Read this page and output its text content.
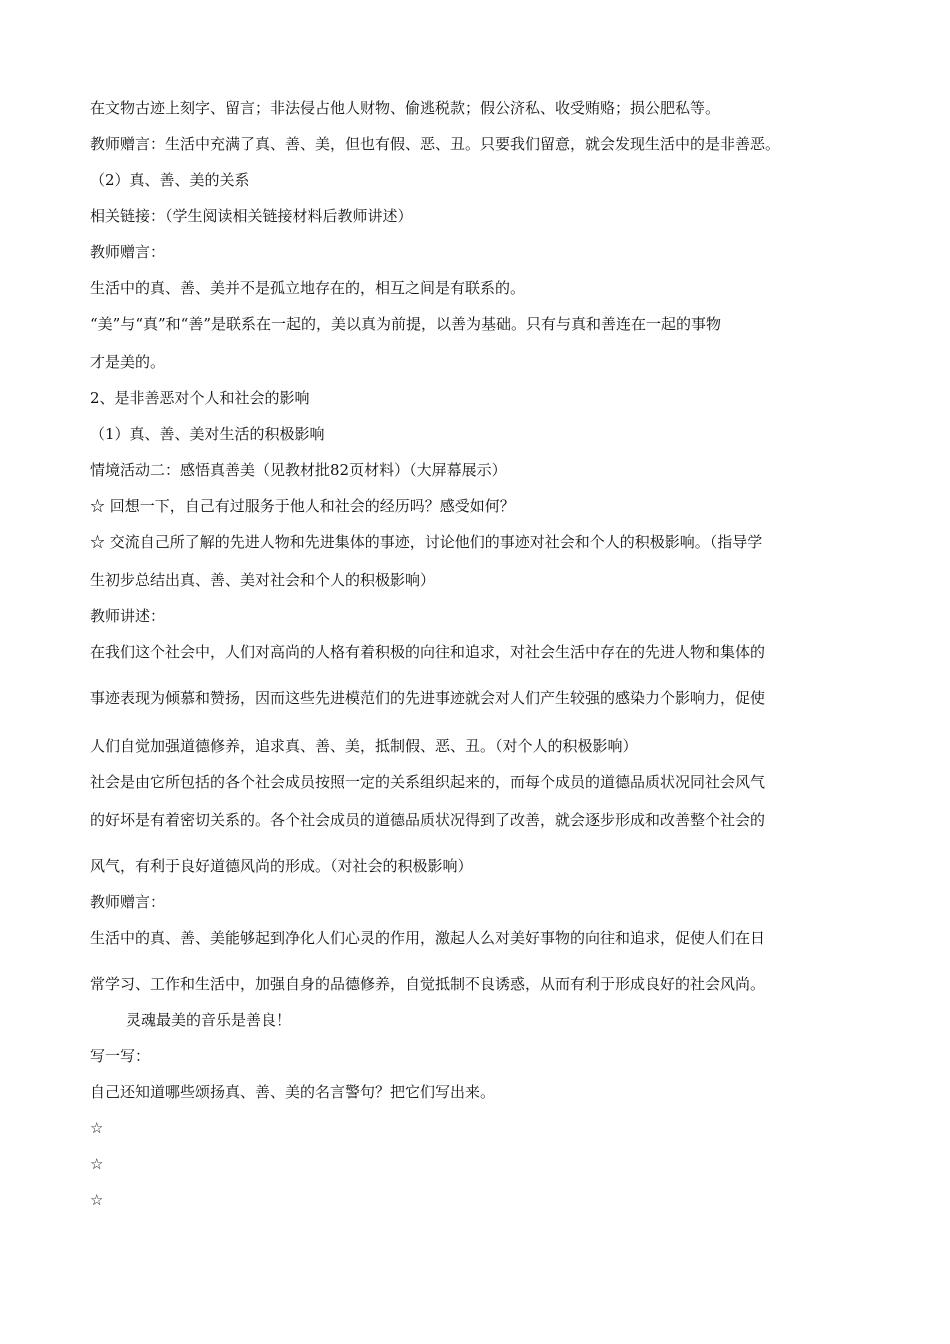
在文物古迹上刻字、留言；非法侵占他人财物、偷逃税款；假公济私、收受贿赂；损公肥私等。
教师赠言：生活中充满了真、善、美，但也有假、恶、丑。只要我们留意，就会发现生活中的是非善恶。
（2）真、善、美的关系
相关链接：（学生阅读相关链接材料后教师讲述）
教师赠言：
生活中的真、善、美并不是孤立地存在的，相互之间是有联系的。
“美”与“真”和“善”是联系在一起的，美以真为前提，以善为基础。只有与真和善连在一起的事物
才是美的。
2、是非善恶对个人和社会的影响
（1）真、善、美对生活的积极影响
情境活动二：感悟真善美（见教材批82页材料）（大屏幕展示）
☆ 回想一下，自己有过服务于他人和社会的经历吗？感受如何？
☆ 交流自己所了解的先进人物和先进集体的事迹，讨论他们的事迹对社会和个人的积极影响。（指导学
生初步总结出真、善、美对社会和个人的积极影响）
教师讲述：
在我们这个社会中，人们对高尚的人格有着积极的向往和追求，对社会生活中存在的先进人物和集体的
事迹表现为倾慕和赞扬，因而这些先进模范们的先进事迹就会对人们产生较强的感染力个影响力，促使
人们自觉加强道德修养，追求真、善、美，抵制假、恶、丑。（对个人的积极影响）
社会是由它所包括的各个社会成员按照一定的关系组织起来的，而每个成员的道德品质状况同社会风气
的好坏是有着密切关系的。各个社会成员的道德品质状况得到了改善，就会逐步形成和改善整个社会的
风气，有利于良好道德风尚的形成。（对社会的积极影响）
教师赠言：
生活中的真、善、美能够起到净化人们心灵的作用，激起人么对美好事物的向往和追求，促使人们在日
常学习、工作和生活中，加强自身的品德修养，自觉抵制不良诱惑，从而有利于形成良好的社会风尚。
灵魂最美的音乐是善良！
写一写：
自己还知道哪些颂扬真、善、美的名言警句？把它们写出来。
☆
☆
☆
